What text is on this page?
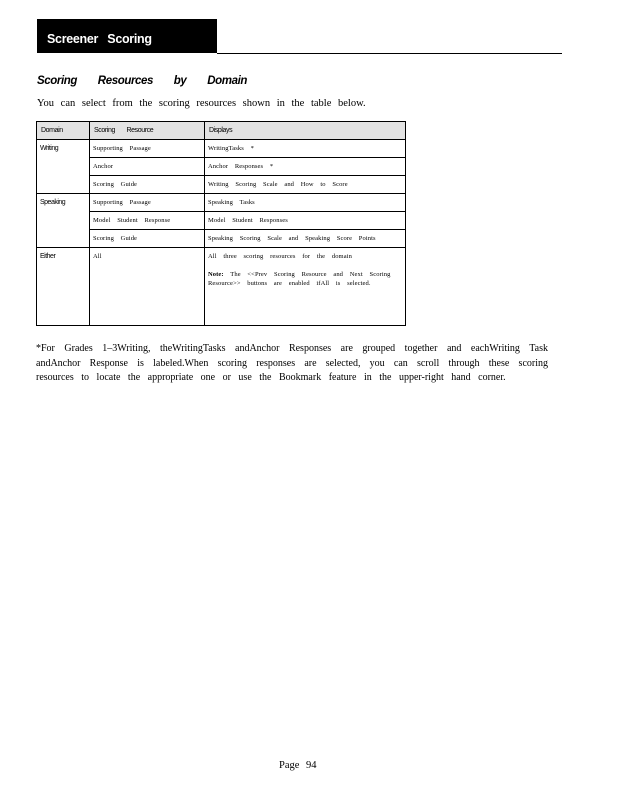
Screener Scoring
Scoring Resources by Domain
You can select from the scoring resources shown in the table below.
Domain	Scoring Resource	Displays
Writing	Supporting Passage	WritingTasks *
	Anchor	Anchor Responses *
	Scoring Guide	Writing Scoring Scale and How to Score
Speaking	Supporting Passage	Speaking Tasks
	Model Student Response	Model Student Responses
	Scoring Guide	Speaking Scoring Scale and Speaking Score Points
Either	All	All three scoring resources for the domain
Note: The <<Prev Scoring Resource and Next Scoring Resource>> buttons are enabled ifAll is selected.
*For Grades 1–3Writing, theWritingTasks andAnchor Responses are grouped together and eachWriting Task andAnchor Response is labeled.When scoring responses are selected, you can scroll through these scoring resources to locate the appropriate one or use the Bookmark feature in the upper-right hand corner.
Page 94
